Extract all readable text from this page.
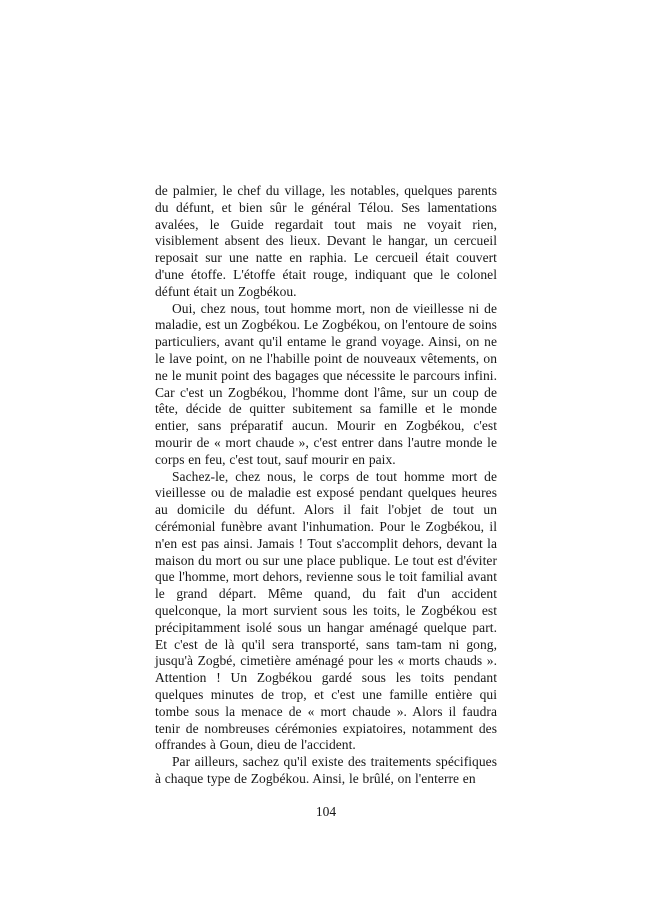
de palmier, le chef du village, les notables, quelques parents du défunt, et bien sûr le général Télou. Ses lamentations avalées, le Guide regardait tout mais ne voyait rien, visiblement absent des lieux. Devant le hangar, un cercueil reposait sur une natte en raphia. Le cercueil était couvert d'une étoffe. L'étoffe était rouge, indiquant que le colonel défunt était un Zogbékou.

Oui, chez nous, tout homme mort, non de vieillesse ni de maladie, est un Zogbékou. Le Zogbékou, on l'entoure de soins particuliers, avant qu'il entame le grand voyage. Ainsi, on ne le lave point, on ne l'habille point de nouveaux vêtements, on ne le munit point des bagages que nécessite le parcours infini. Car c'est un Zogbékou, l'homme dont l'âme, sur un coup de tête, décide de quitter subitement sa famille et le monde entier, sans préparatif aucun. Mourir en Zogbékou, c'est mourir de « mort chaude », c'est entrer dans l'autre monde le corps en feu, c'est tout, sauf mourir en paix.

Sachez-le, chez nous, le corps de tout homme mort de vieillesse ou de maladie est exposé pendant quelques heures au domicile du défunt. Alors il fait l'objet de tout un cérémonial funèbre avant l'inhumation. Pour le Zogbékou, il n'en est pas ainsi. Jamais ! Tout s'accomplit dehors, devant la maison du mort ou sur une place publique. Le tout est d'éviter que l'homme, mort dehors, revienne sous le toit familial avant le grand départ. Même quand, du fait d'un accident quelconque, la mort survient sous les toits, le Zogbékou est précipitamment isolé sous un hangar aménagé quelque part. Et c'est de là qu'il sera transporté, sans tam-tam ni gong, jusqu'à Zogbé, cimetière aménagé pour les « morts chauds ». Attention ! Un Zogbékou gardé sous les toits pendant quelques minutes de trop, et c'est une famille entière qui tombe sous la menace de « mort chaude ». Alors il faudra tenir de nombreuses cérémonies expiatoires, notamment des offrandes à Goun, dieu de l'accident.

Par ailleurs, sachez qu'il existe des traitements spécifiques à chaque type de Zogbékou. Ainsi, le brûlé, on l'enterre en

104
